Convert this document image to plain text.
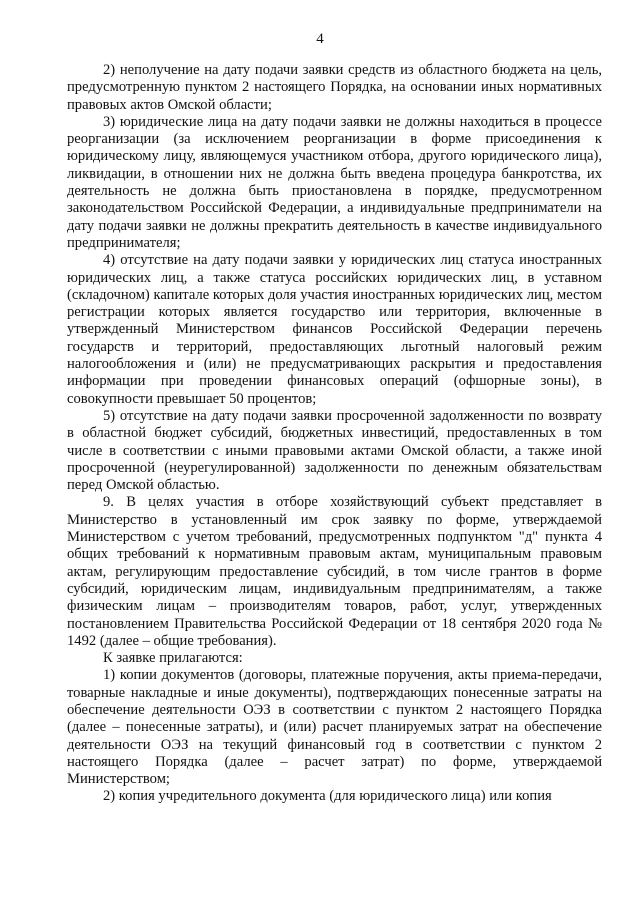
4

2) неполучение на дату подачи заявки средств из областного бюджета на цель, предусмотренную пунктом 2 настоящего Порядка, на основании иных нормативных правовых актов Омской области;

3) юридические лица на дату подачи заявки не должны находиться в процессе реорганизации (за исключением реорганизации в форме присоединения к юридическому лицу, являющемуся участником отбора, другого юридического лица), ликвидации, в отношении них не должна быть введена процедура банкротства, их деятельность не должна быть приостановлена в порядке, предусмотренном законодательством Российской Федерации, а индивидуальные предприниматели на дату подачи заявки не должны прекратить деятельность в качестве индивидуального предпринимателя;

4) отсутствие на дату подачи заявки у юридических лиц статуса иностранных юридических лиц, а также статуса российских юридических лиц, в уставном (складочном) капитале которых доля участия иностранных юридических лиц, местом регистрации которых является государство или территория, включенные в утвержденный Министерством финансов Российской Федерации перечень государств и территорий, предоставляющих льготный налоговый режим налогообложения и (или) не предусматривающих раскрытия и предоставления информации при проведении финансовых операций (офшорные зоны), в совокупности превышает 50 процентов;

5) отсутствие на дату подачи заявки просроченной задолженности по возврату в областной бюджет субсидий, бюджетных инвестиций, предоставленных в том числе в соответствии с иными правовыми актами Омской области, а также иной просроченной (неурегулированной) задолженности по денежным обязательствам перед Омской областью.

9. В целях участия в отборе хозяйствующий субъект представляет в Министерство в установленный им срок заявку по форме, утверждаемой Министерством с учетом требований, предусмотренных подпунктом "д" пункта 4 общих требований к нормативным правовым актам, муниципальным правовым актам, регулирующим предоставление субсидий, в том числе грантов в форме субсидий, юридическим лицам, индивидуальным предпринимателям, а также физическим лицам – производителям товаров, работ, услуг, утвержденных постановлением Правительства Российской Федерации от 18 сентября 2020 года № 1492 (далее – общие требования).

К заявке прилагаются:

1) копии документов (договоры, платежные поручения, акты приема-передачи, товарные накладные и иные документы), подтверждающих понесенные затраты на обеспечение деятельности ОЭЗ в соответствии с пунктом 2 настоящего Порядка (далее – понесенные затраты), и (или) расчет планируемых затрат на обеспечение деятельности ОЭЗ на текущий финансовый год в соответствии с пунктом 2 настоящего Порядка (далее – расчет затрат) по форме, утверждаемой Министерством;

2) копия учредительного документа (для юридического лица) или копия
